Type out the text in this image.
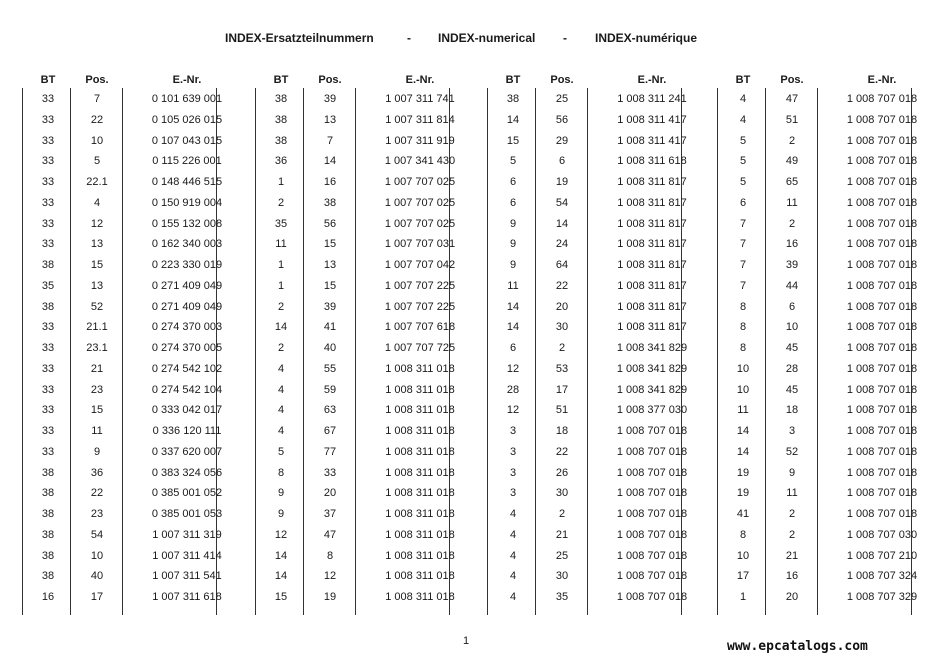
INDEX-Ersatzteilnummern	- INDEX-numerical - INDEX-numérique
BT	Pos.	E.-Nr.
33	7	0 101 639 001
33	22	0 105 026 015
33	10	0 107 043 015
33	5	0 115 226 001
33	22.1	0 148 446 515
33	4	0 150 919 004
33	12	0 155 132 008
33	13	0 162 340 003
38	15	0 223 330 019
35	13	0 271 409 049
38	52	0 271 409 049
33	21.1	0 274 370 003
33	23.1	0 274 370 005
33	21	0 274 542 102
33	23	0 274 542 104
33	15	0 333 042 017
33	11	0 336 120 111
33	9	0 337 620 007
38	36	0 383 324 056
38	22	0 385 001 052
38	23	0 385 001 053
38	54	1 007 311 319
38	10	1 007 311 414
38	40	1 007 311 541
16	17	1 007 311 618
BT	Pos.	E.-Nr.
38	39	1 007 311 741
38	13	1 007 311 814
38	7	1 007 311 919
36	14	1 007 341 430
1	16	1 007 707 025
2	38	1 007 707 025
35	56	1 007 707 025
11	15	1 007 707 031
1	13	1 007 707 042
1	15	1 007 707 225
2	39	1 007 707 225
14	41	1 007 707 618
2	40	1 007 707 725
4	55	1 008 311 018
4	59	1 008 311 018
4	63	1 008 311 018
4	67	1 008 311 018
5	77	1 008 311 018
8	33	1 008 311 018
9	20	1 008 311 018
9	37	1 008 311 018
12	47	1 008 311 018
14	8	1 008 311 018
14	12	1 008 311 018
15	19	1 008 311 018
BT	Pos.	E.-Nr.
38	25	1 008 311 241
14	56	1 008 311 417
15	29	1 008 311 417
5	6	1 008 311 618
6	19	1 008 311 817
6	54	1 008 311 817
9	14	1 008 311 817
9	24	1 008 311 817
9	64	1 008 311 817
11	22	1 008 311 817
14	20	1 008 311 817
14	30	1 008 311 817
6	2	1 008 341 829
12	53	1 008 341 829
28	17	1 008 341 829
12	51	1 008 377 030
3	18	1 008 707 018
3	22	1 008 707 018
3	26	1 008 707 018
3	30	1 008 707 018
4	2	1 008 707 018
4	21	1 008 707 018
4	25	1 008 707 018
4	30	1 008 707 018
4	35	1 008 707 018
BT	Pos.	E.-Nr.
4	47	1 008 707 018
4	51	1 008 707 018
5	2	1 008 707 018
5	49	1 008 707 018
5	65	1 008 707 018
6	11	1 008 707 018
7	2	1 008 707 018
7	16	1 008 707 018
7	39	1 008 707 018
7	44	1 008 707 018
8	6	1 008 707 018
8	10	1 008 707 018
8	45	1 008 707 018
10	28	1 008 707 018
10	45	1 008 707 018
11	18	1 008 707 018
14	3	1 008 707 018
14	52	1 008 707 018
19	9	1 008 707 018
19	11	1 008 707 018
41	2	1 008 707 018
8	2	1 008 707 030
10	21	1 008 707 210
17	16	1 008 707 324
1	20	1 008 707 329
1	www.epcatalogs.com
